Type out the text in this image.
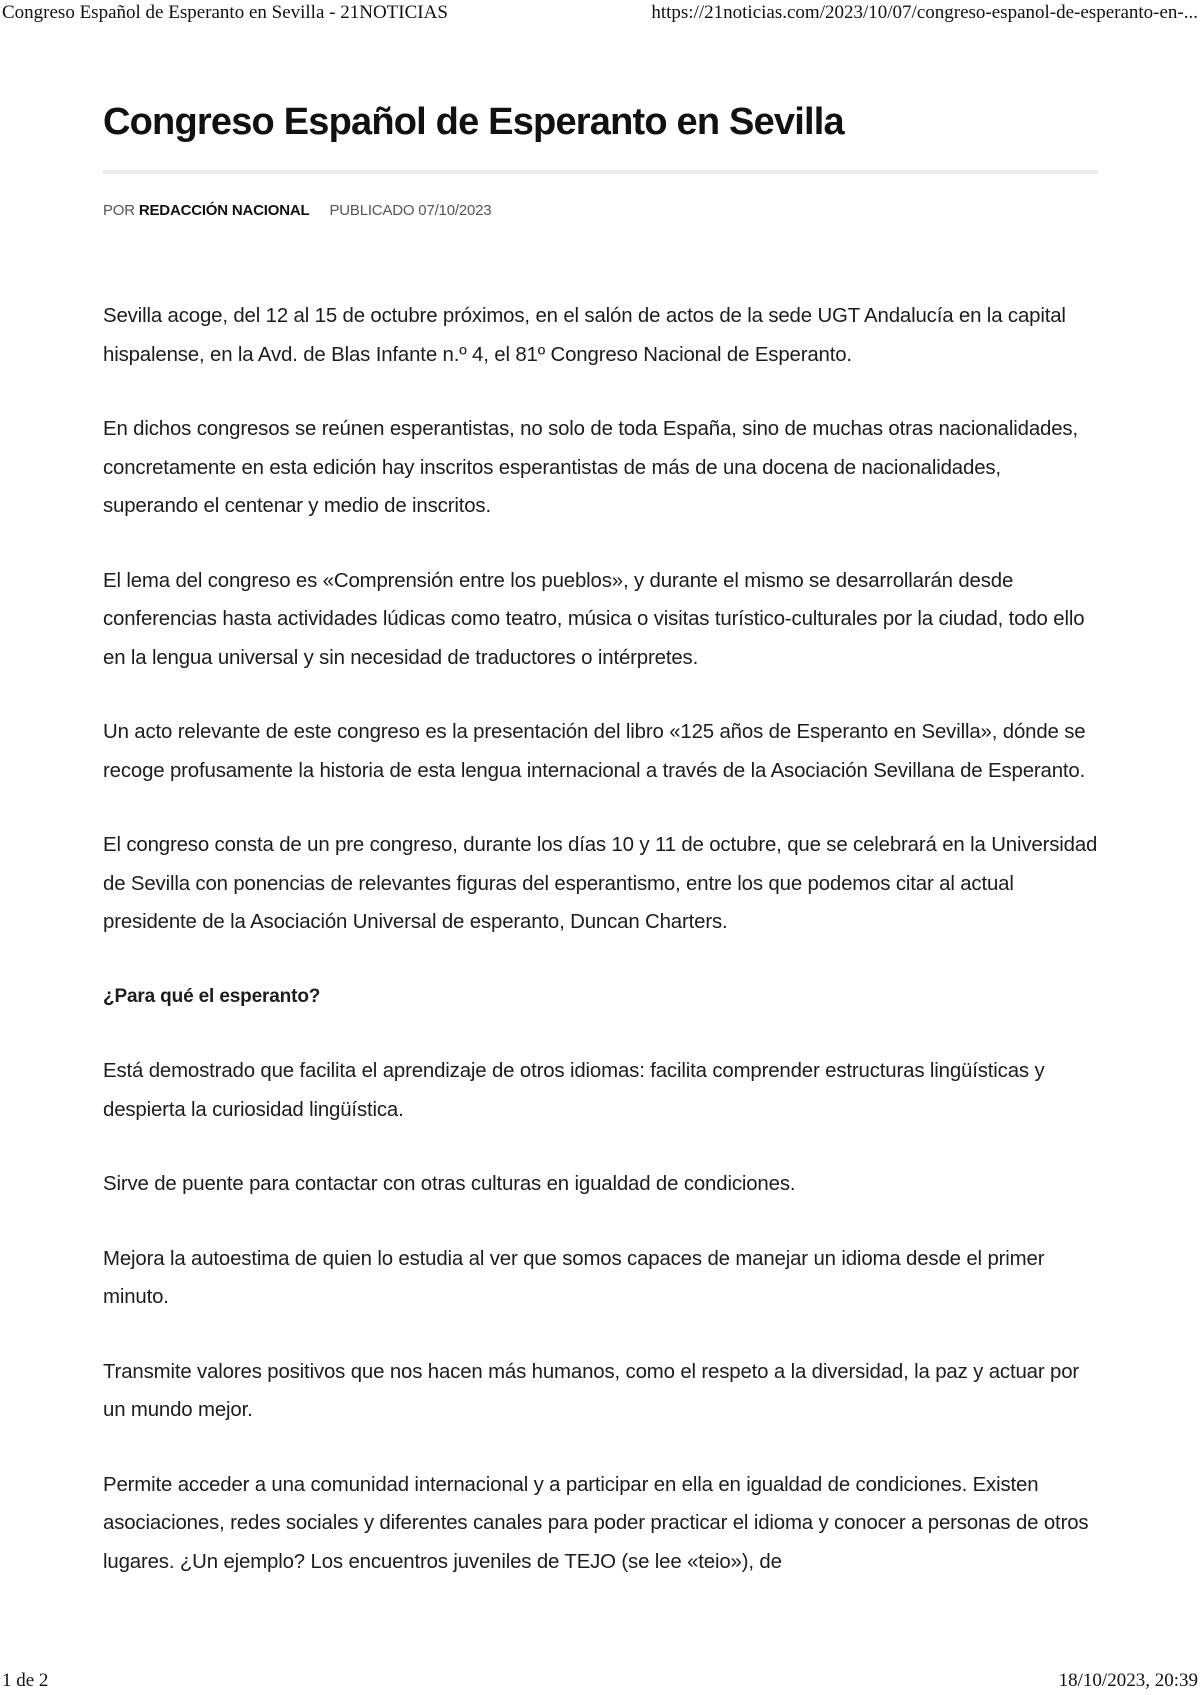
Congreso Español de Esperanto en Sevilla - 21NOTICIAS	https://21noticias.com/2023/10/07/congreso-espanol-de-esperanto-en-...
Congreso Español de Esperanto en Sevilla
POR REDACCIÓN NACIONAL PUBLICADO 07/10/2023

Sevilla acoge, del 12 al 15 de octubre próximos, en el salón de actos de la sede UGT Andalucía en la capital hispalense, en la Avd. de Blas Infante n.º 4, el 81º Congreso Nacional de Esperanto.

En dichos congresos se reúnen esperantistas, no solo de toda España, sino de muchas otras nacionalidades, concretamente en esta edición hay inscritos esperantistas de más de una docena de nacionalidades, superando el centenar y medio de inscritos.

El lema del congreso es «Comprensión entre los pueblos», y durante el mismo se desarrollarán desde conferencias hasta actividades lúdicas como teatro, música o visitas turístico-culturales por la ciudad, todo ello en la lengua universal y sin necesidad de traductores o intérpretes.

Un acto relevante de este congreso es la presentación del libro «125 años de Esperanto en Sevilla», dónde se recoge profusamente la historia de esta lengua internacional a través de la Asociación Sevillana de Esperanto.

El congreso consta de un pre congreso, durante los días 10 y 11 de octubre, que se celebrará en la Universidad de Sevilla con ponencias de relevantes figuras del esperantismo, entre los que podemos citar al actual presidente de la Asociación Universal de esperanto, Duncan Charters.

¿Para qué el esperanto?

Está demostrado que facilita el aprendizaje de otros idiomas: facilita comprender estructuras lingüísticas y despierta la curiosidad lingüística.

Sirve de puente para contactar con otras culturas en igualdad de condiciones.

Mejora la autoestima de quien lo estudia al ver que somos capaces de manejar un idioma desde el primer minuto.

Transmite valores positivos que nos hacen más humanos, como el respeto a la diversidad, la paz y actuar por un mundo mejor.

Permite acceder a una comunidad internacional y a participar en ella en igualdad de condiciones. Existen asociaciones, redes sociales y diferentes canales para poder practicar el idioma y conocer a personas de otros lugares. ¿Un ejemplo? Los encuentros juveniles de TEJO (se lee «teio»), de

1 de 2	18/10/2023, 20:39
